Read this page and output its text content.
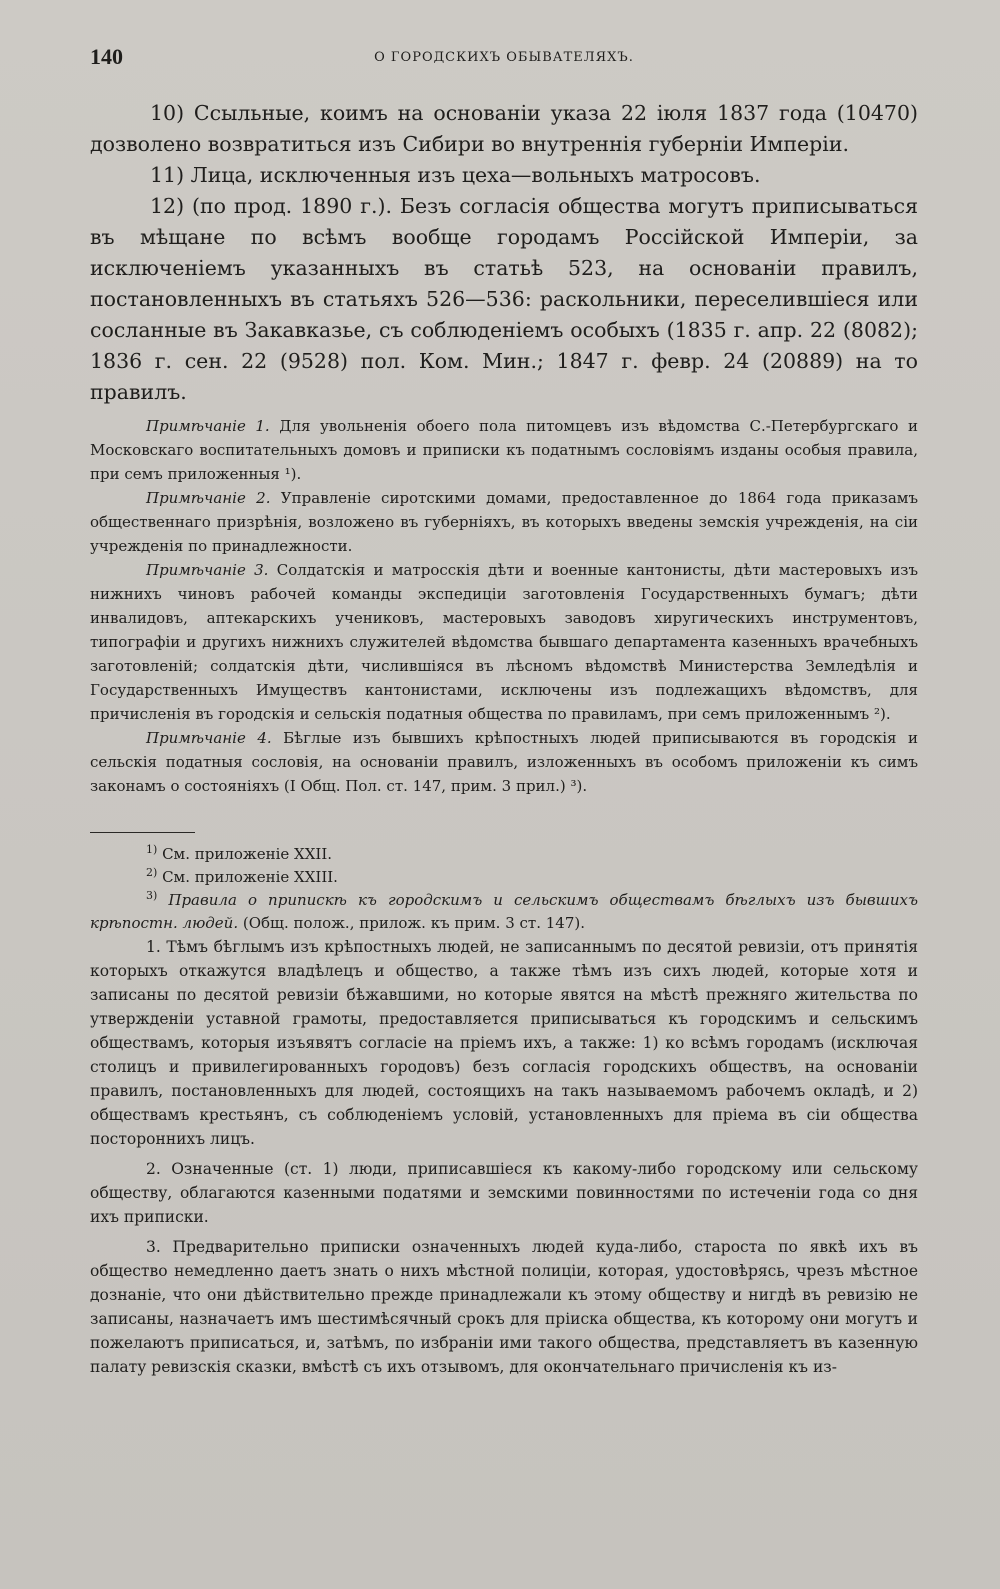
140	О ГОРОДСКИХЪ ОБЫВАТЕЛЯХЪ.

10) Ссыльные, коимъ на основанiи указа 22 iюля 1837 года (10470) дозволено возвратиться изъ Сибири во внутреннiя губернiи Имперiи.

11) Лица, исключенныя изъ цеха—вольныхъ матросовъ.

12) (по прод. 1890 г.). Безъ согласiя общества могутъ приписываться въ мѣщане по всѣмъ вообще городамъ Россiйской Имперiи, за исключенiемъ указанныхъ въ статьѣ 523, на основанiи правилъ, постановленныхъ въ статьяхъ 526—536: раскольники, переселившiеся или сосланные въ Закавказье, съ соблюденiемъ особыхъ (1835 г. апр. 22 (8082); 1836 г. сен. 22 (9528) пол. Ком. Мин.; 1847 г. февр. 24 (20889) на то правилъ.

Примѣчанiе 1. Для увольненiя обоего пола питомцевъ изъ вѣдомства С.-Петербургскаго и Московскаго воспитательныхъ домовъ и приписки къ податнымъ сословiямъ изданы особыя правила, при семъ приложенныя ¹).

Примѣчанiе 2. Управленiе сиротскими домами, предоставленное до 1864 года приказамъ общественнаго призрѣнiя, возложено въ губернiяхъ, въ которыхъ введены земскiя учрежденiя, на сiи учрежденiя по принадлежности.

Примѣчанiе 3. Солдатскiя и матросскiя дѣти и военные кантонисты, дѣти мастеровыхъ изъ нижнихъ чиновъ рабочей команды экспедицiи заготовленiя Государственныхъ бумагъ; дѣти инвалидовъ, аптекарскихъ учениковъ, мастеровыхъ заводовъ хиругическихъ инструментовъ, типографiи и другихъ нижнихъ служителей вѣдомства бывшаго департамента казенныхъ врачебныхъ заготовленiй; солдатскiя дѣти, числившiяся въ лѣсномъ вѣдомствѣ Министерства Земледѣлiя и Государственныхъ Имуществъ кантонистами, исключены изъ подлежащихъ вѣдомствъ, для причисленiя въ городскiя и сельскiя податныя общества по правиламъ, при семъ приложеннымъ ²).

Примѣчанiе 4. Бѣглые изъ бывшихъ крѣпостныхъ людей приписываются въ городскiя и сельскiя податныя сословiя, на основанiи правилъ, изложенныхъ въ особомъ приложенiи къ симъ законамъ о состоянiяхъ (I Общ. Пол. ст. 147, прим. 3 прил.) ³).

$^{1)}$ См. приложенiе XXII.

$^{2)}$ См. приложенiе XXIII.

$^{3)}$ Правила о припискѣ къ городскимъ и сельскимъ обществамъ бѣглыхъ изъ бывшихъ крѣпостн. людей. (Общ. полож., прилож. къ прим. 3 ст. 147).

1. Тѣмъ бѣглымъ изъ крѣпостныхъ людей, не записаннымъ по десятой ревизiи, отъ принятiя которыхъ откажутся владѣлецъ и общество, а также тѣмъ изъ сихъ людей, которые хотя и записаны по десятой ревизiи бѣжавшими, но которые явятся на мѣстѣ прежняго жительства по утвержденiи уставной грамоты, предоставляется приписываться къ городскимъ и сельскимъ обществамъ, которыя изъявятъ согласiе на прiемъ ихъ, а также: 1) ко всѣмъ городамъ (исключая столицъ и привилегированныхъ городовъ) безъ согласiя городскихъ обществъ, на основанiи правилъ, постановленныхъ для людей, состоящихъ на такъ называемомъ рабочемъ окладѣ, и 2) обществамъ крестьянъ, съ соблюденiемъ условiй, установленныхъ для прiема въ сiи общества постороннихъ лицъ.

2. Означенные (ст. 1) люди, приписавшiеся къ какому-либо городскому или сельскому обществу, облагаются казенными податями и земскими повинностями по истеченiи года со дня ихъ приписки.

3. Предварительно приписки означенныхъ людей куда-либо, староста по явкѣ ихъ въ общество немедленно даетъ знать о нихъ мѣстной полицiи, которая, удостовѣрясь, чрезъ мѣстное дознанiе, что они дѣйствительно прежде принадлежали къ этому обществу и нигдѣ въ ревизiю не записаны, назначаетъ имъ шестимѣсячный срокъ для прiиска общества, къ которому они могутъ и пожелаютъ приписаться, и, затѣмъ, по избранiи ими такого общества, представляетъ въ казенную палату ревизскiя сказки, вмѣстѣ съ ихъ отзывомъ, для окончательнаго причисленiя къ из-
